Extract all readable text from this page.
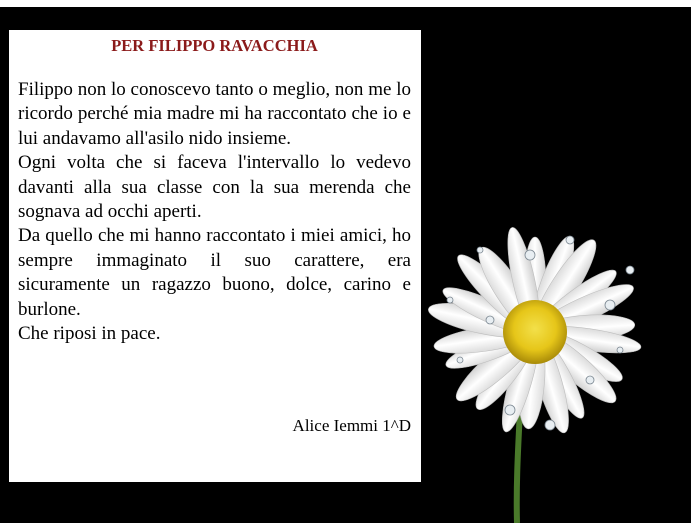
PER FILIPPO RAVACCHIA

Filippo non lo conoscevo tanto o meglio, non me lo ricordo perché mia madre mi ha raccontato che io e lui andavamo all'asilo nido insieme.

Ogni volta che si faceva l'intervallo lo vedevo davanti alla sua classe con la sua merenda che sognava ad occhi aperti.

Da quello che mi hanno raccontato i miei amici, ho sempre immaginato il suo carattere, era sicuramente un ragazzo buono, dolce, carino e burlone.

Che riposi in pace.

Alice Iemmi 1^D
